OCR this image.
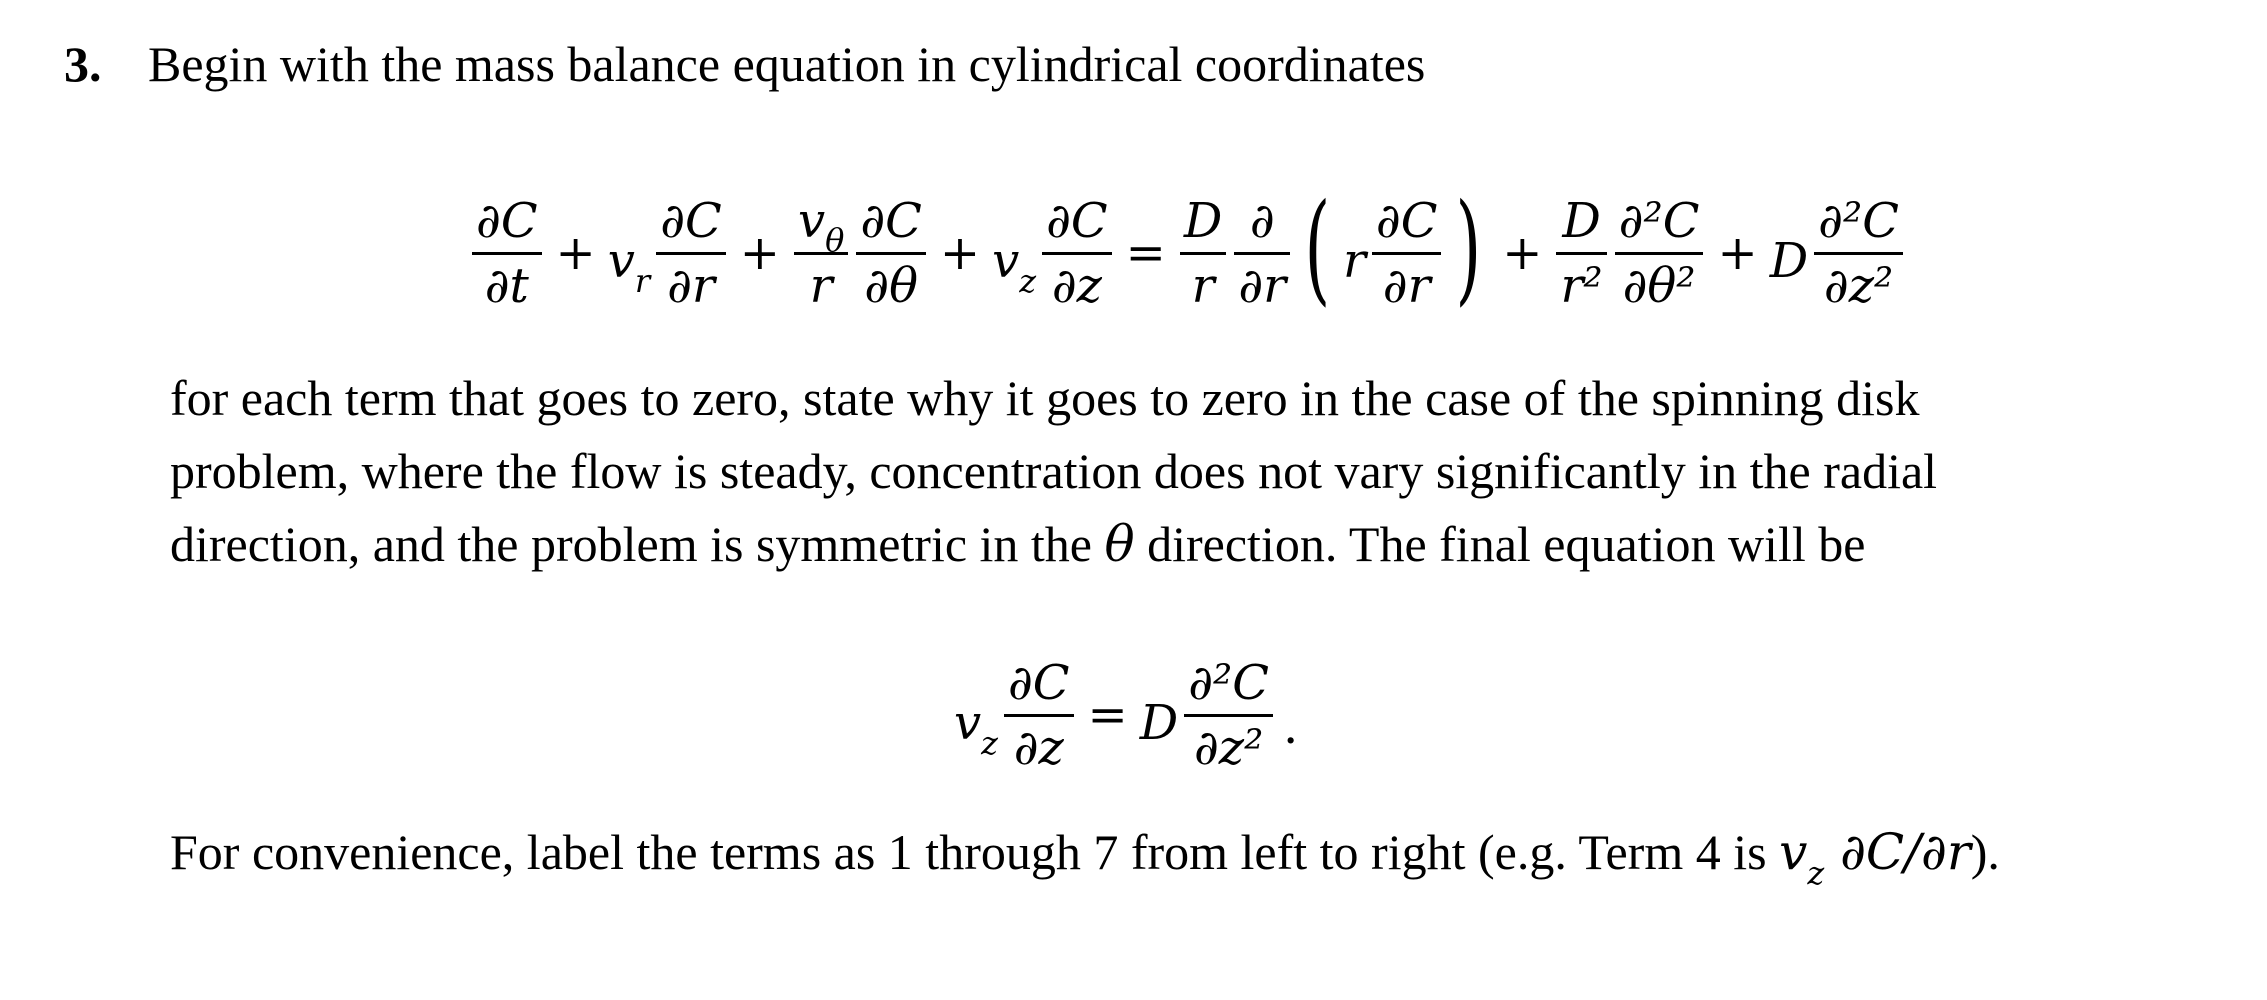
3. Begin with the mass balance equation in cylindrical coordinates
$\frac{\partial C}{\partial t} + v_r \frac{\partial C}{\partial r} + \frac{v_\theta}{r} \frac{\partial C}{\partial\theta} + v_z \frac{\partial C}{\partial z} = \frac{D}{r} \frac{\partial}{\partial r}$ ( r $\frac{\partial C}{\partial r}$ ) + $\frac{D}{\text{r²}} \frac{\text{∂²C}}{\text{∂θ²}} + D \frac{\text{∂²C}}{\text{∂z²}}$
for each term that goes to zero, state why it goes to zero in the case of the spinning disk
problem, where the flow is steady, concentration does not vary significantly in the radial
direction, and the problem is symmetric in the θ direction. The final equation will be
$v_z \frac{\partial C}{\partial z} = D \frac{\text{∂²C}}{\text{∂z²}}$ .
For convenience, label the terms as 1 through 7 from left to right (e.g. Term 4 is $v_z$ ∂C/∂r).
